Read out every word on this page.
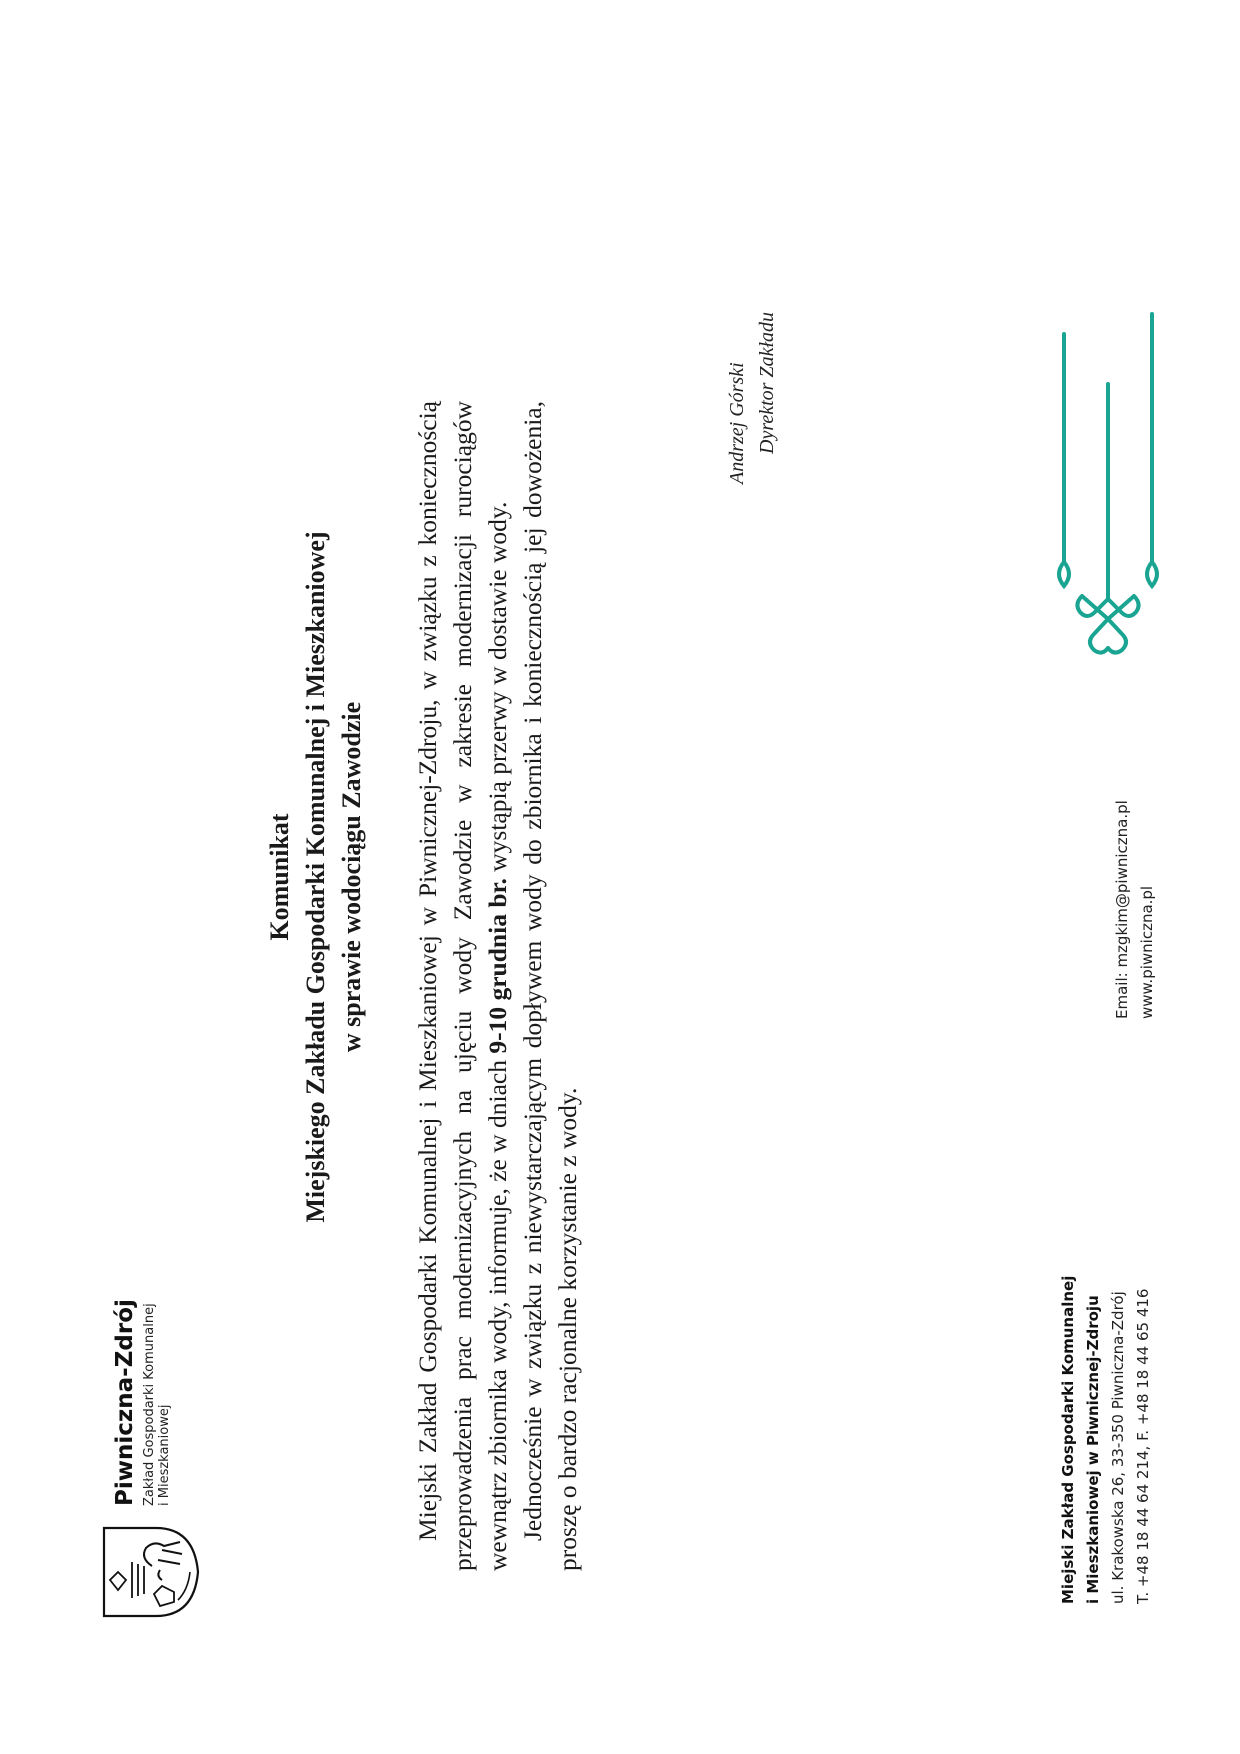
Piwniczna-Zdrój Zakład Gospodarki Komunalnej i Mieszkaniowej
Komunikat Miejskiego Zakładu Gospodarki Komunalnej i Mieszkaniowej w sprawie wodociągu Zawodzie Miejski Zakład Gospodarki Komunalnej i Mieszkaniowej w Piwnicznej-Zdroju, w związku z koniecznością przeprowadzenia prac modernizacyjnych na ujęciu wody Zawodzie w zakresie modernizacji rurociągów wewnątrz zbiornika wody, informuje, że w dniach 9-10 grudnia br. wystąpią przerwy w dostawie wody. Jednocześnie w związku z niewystarczającym dopływem wody do zbiornika i koniecznością jej dowożenia, proszę o bardzo racjonalne korzystanie z wody.

Andrzej Górski Dyrektor Zakładu
Miejski Zakład Gospodarki Komunalnej i Mieszkaniowej w Piwnicznej-Zdroju ul. Krakowska 26, 33-350 Piwniczna-Zdrój T. +48 18 44 64 214, F. +48 18 44 65 416
Email: mzgkim@piwniczna.pl www.piwniczna.pl
